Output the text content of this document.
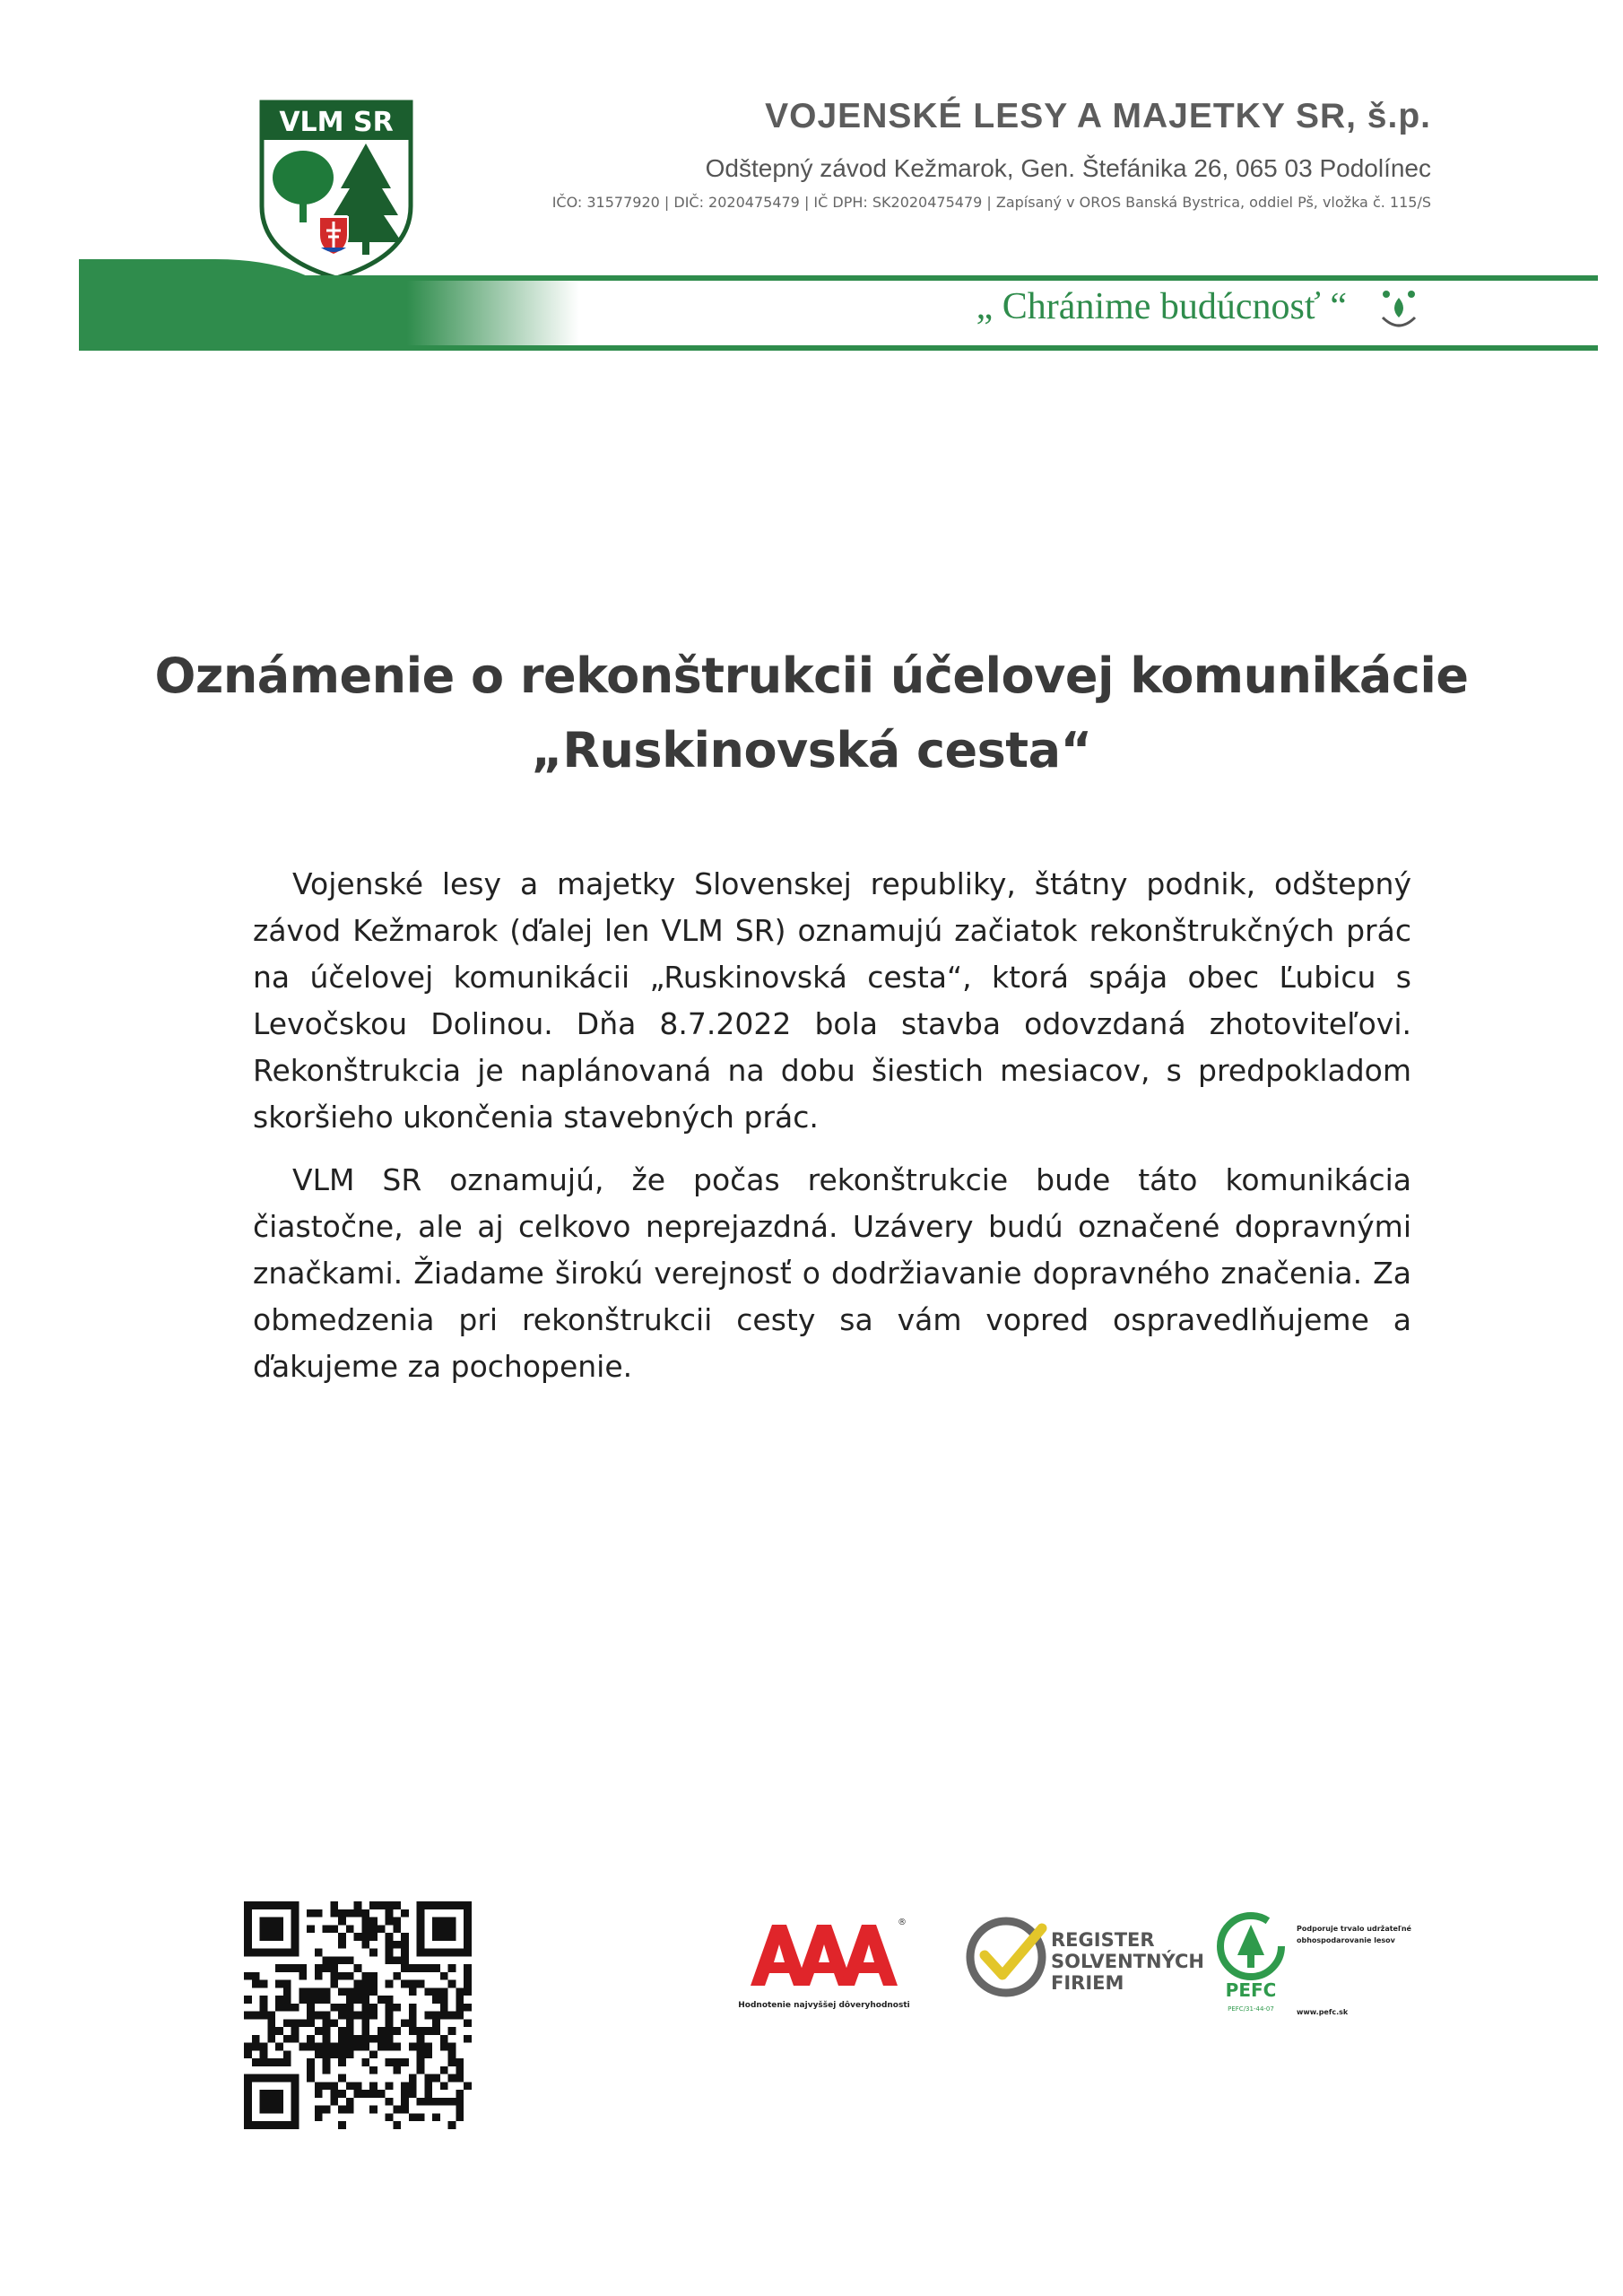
VLM SR	VOJENSKÉ LESY A MAJETKY SR, š.p.
Odštepný závod Kežmarok, Gen. Štefánika 26, 065 03 Podolínec
IČO: 31577920 | DIČ: 2020475479 | IČ DPH: SK2020475479 | Zapísaný v OROS Banská Bystrica, oddiel Pš, vložka č. 115/S
„ Chránime budúcnosť “
Oznámenie o rekonštrukcii účelovej komunikácie
„Ruskinovská cesta“

Vojenské lesy a majetky Slovenskej republiky, štátny podnik, odštepný závod Kežmarok (ďalej len VLM SR) oznamujú začiatok rekonštrukčných prác na účelovej komunikácii „Ruskinovská cesta“, ktorá spája obec Ľubicu s Levočskou Dolinou. Dňa 8.7.2022 bola stavba odovzdaná zhotoviteľovi. Rekonštrukcia je naplánovaná na dobu šiestich mesiacov, s predpokladom skoršieho ukončenia stavebných prác.

VLM SR oznamujú, že počas rekonštrukcie bude táto komunikácia čiastočne, ale aj celkovo neprejazdná. Uzávery budú označené dopravnými značkami. Žiadame širokú verejnosť o dodržiavanie dopravného značenia. Za obmedzenia pri rekonštrukcii cesty sa vám vopred ospravedlňujeme a ďakujeme za pochopenie.

®
Hodnotenie najvyššej dôveryhodnosti
REGISTER
SOLVENTNÝCH
FIRIEM	PEFC
PEFC/31-44-07
Podporuje trvalo udržateľné obhospodarovanie lesov
www.pefc.sk
